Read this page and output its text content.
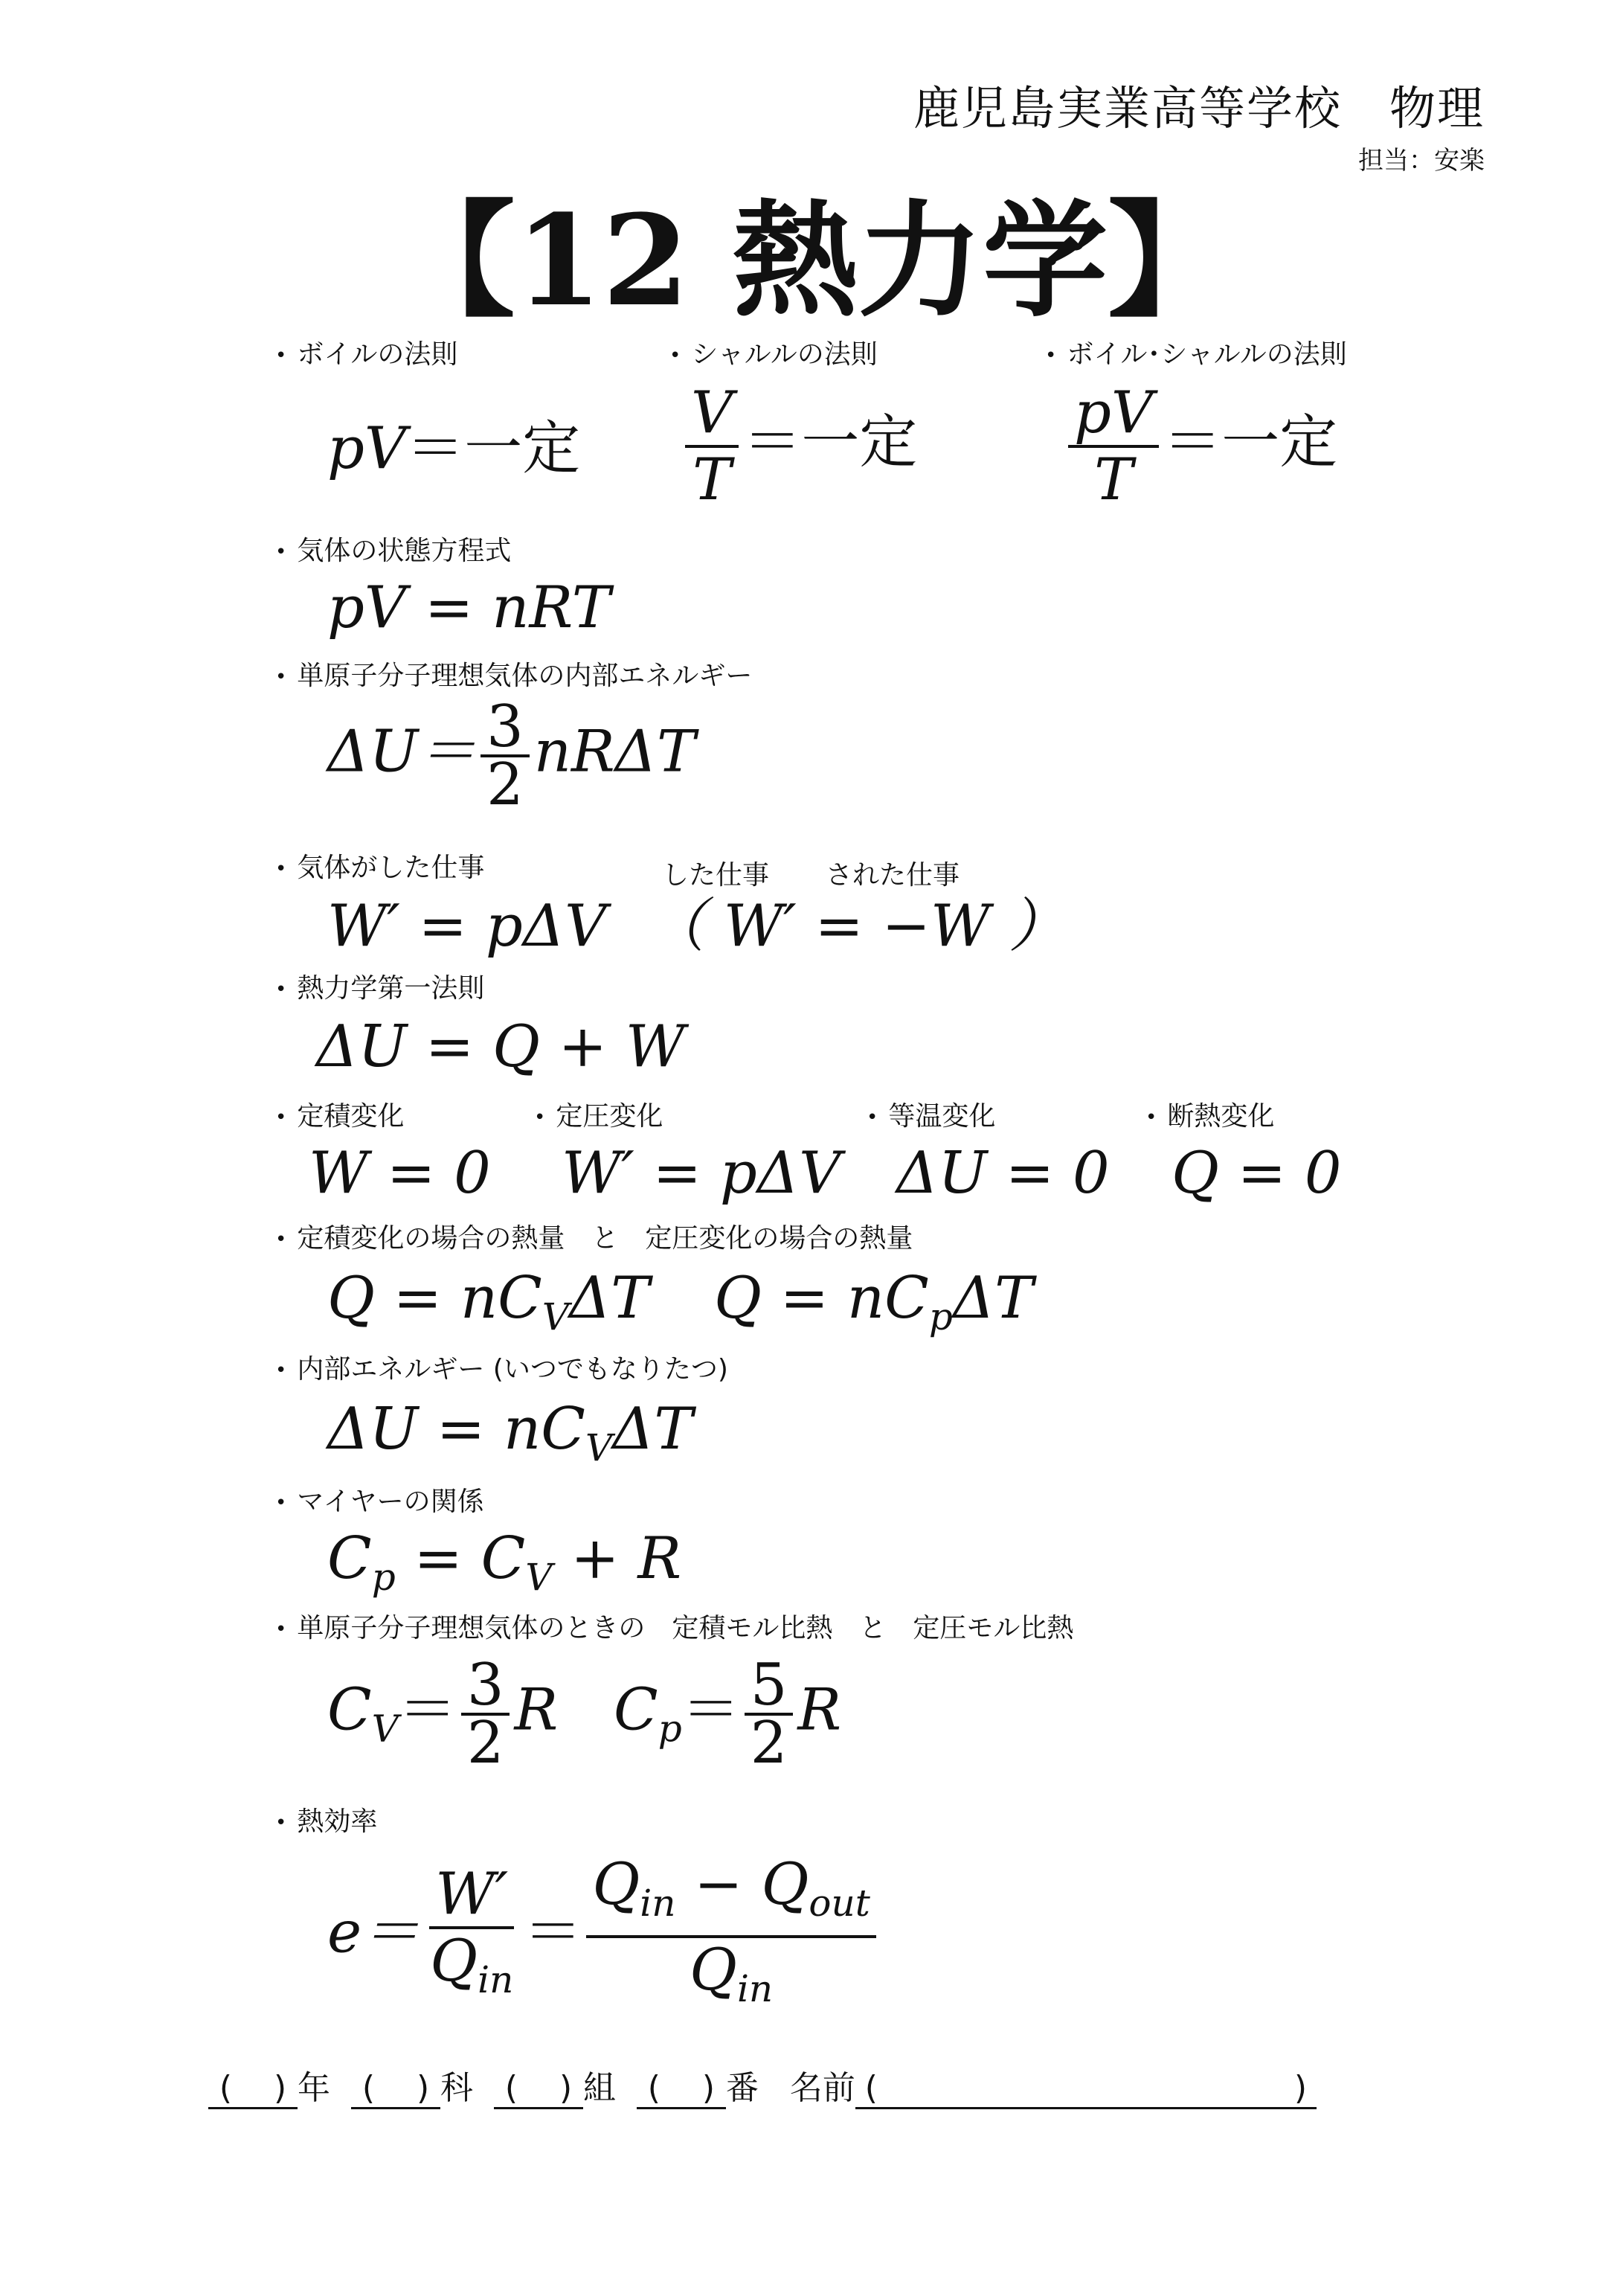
鹿児島実業高等学校　物理
担当：安楽
【12 熱力学】
• ボイルの法則	• シャルルの法則	• ボイル･シャルルの法則
pV＝一定 $\frac{V}{T}$ ＝一定	$\frac{pV}{T}$ ＝一定
• 気体の状態方程式
pV = nRT
• 単原子分子理想気体の内部エネルギー
$\Delta U= \frac{3}{2}$ nRΔT
• 気体がした仕事	した仕事 された仕事
W′ = pΔV （ W′ = −W ）
• 熱力学第一法則
ΔU = Q + W
• 定積変化	• 定圧変化	• 等温変化	• 断熱変化
W = 0 W′ = pΔV ΔU = 0 Q = 0
• 定積変化の場合の熱量　と　定圧変化の場合の熱量
$Q = nC_V\Delta T$ $Q = nC_p\Delta T$
• 内部エネルギー (いつでもなりたつ)
$\Delta U = nC_V\Delta T$
• マイヤーの関係
$C_p = C_V + R$
• 単原子分子理想気体のときの　定積モル比熱　と　定圧モル比熱
$C_V= \frac{3}{2}$ R $C_p= \frac{5}{2}$ R
• 熱効率
$e= \frac{W'}{Q_{in}} = \frac{Q_{in} - Q_{out}}{Q_{in}}$
( ) 年 ( ) 科 ( ) 組 ( ) 番 名前 (	)
